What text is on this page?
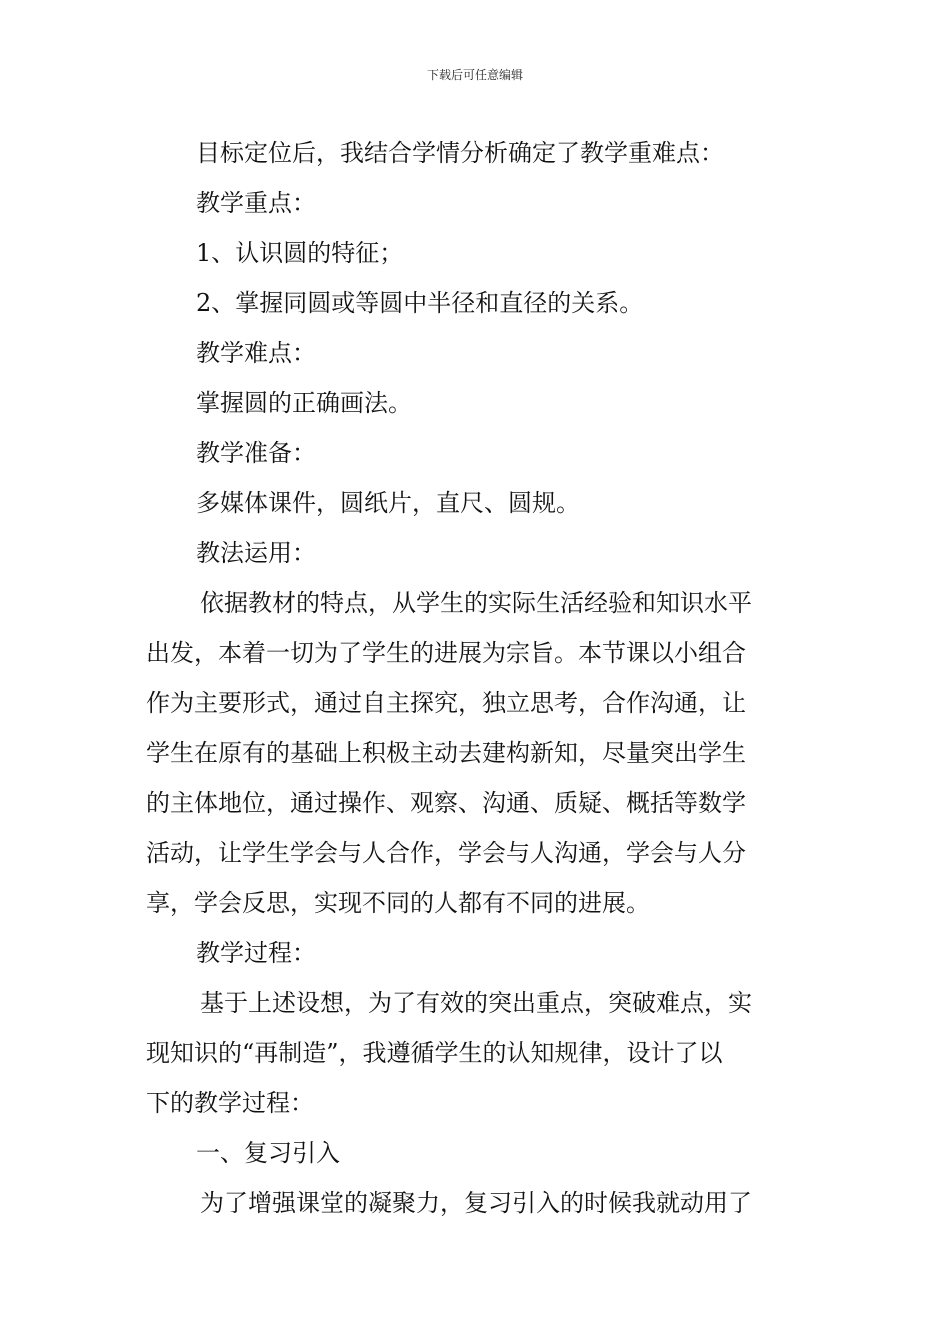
下载后可任意编辑
目标定位后，我结合学情分析确定了教学重难点：
教学重点：
1、认识圆的特征；
2、掌握同圆或等圆中半径和直径的关系。
教学难点：
掌握圆的正确画法。
教学准备：
多媒体课件，圆纸片，直尺、圆规。
教法运用：
依据教材的特点，从学生的实际生活经验和知识水平
出发，本着一切为了学生的进展为宗旨。本节课以小组合
作为主要形式，通过自主探究，独立思考，合作沟通，让
学生在原有的基础上积极主动去建构新知，尽量突出学生
的主体地位，通过操作、观察、沟通、质疑、概括等数学
活动，让学生学会与人合作，学会与人沟通，学会与人分
享，学会反思，实现不同的人都有不同的进展。
教学过程：
基于上述设想，为了有效的突出重点，突破难点，实
现知识的“再制造”，我遵循学生的认知规律，设计了以
下的教学过程：
一、复习引入
为了增强课堂的凝聚力，复习引入的时候我就动用了
